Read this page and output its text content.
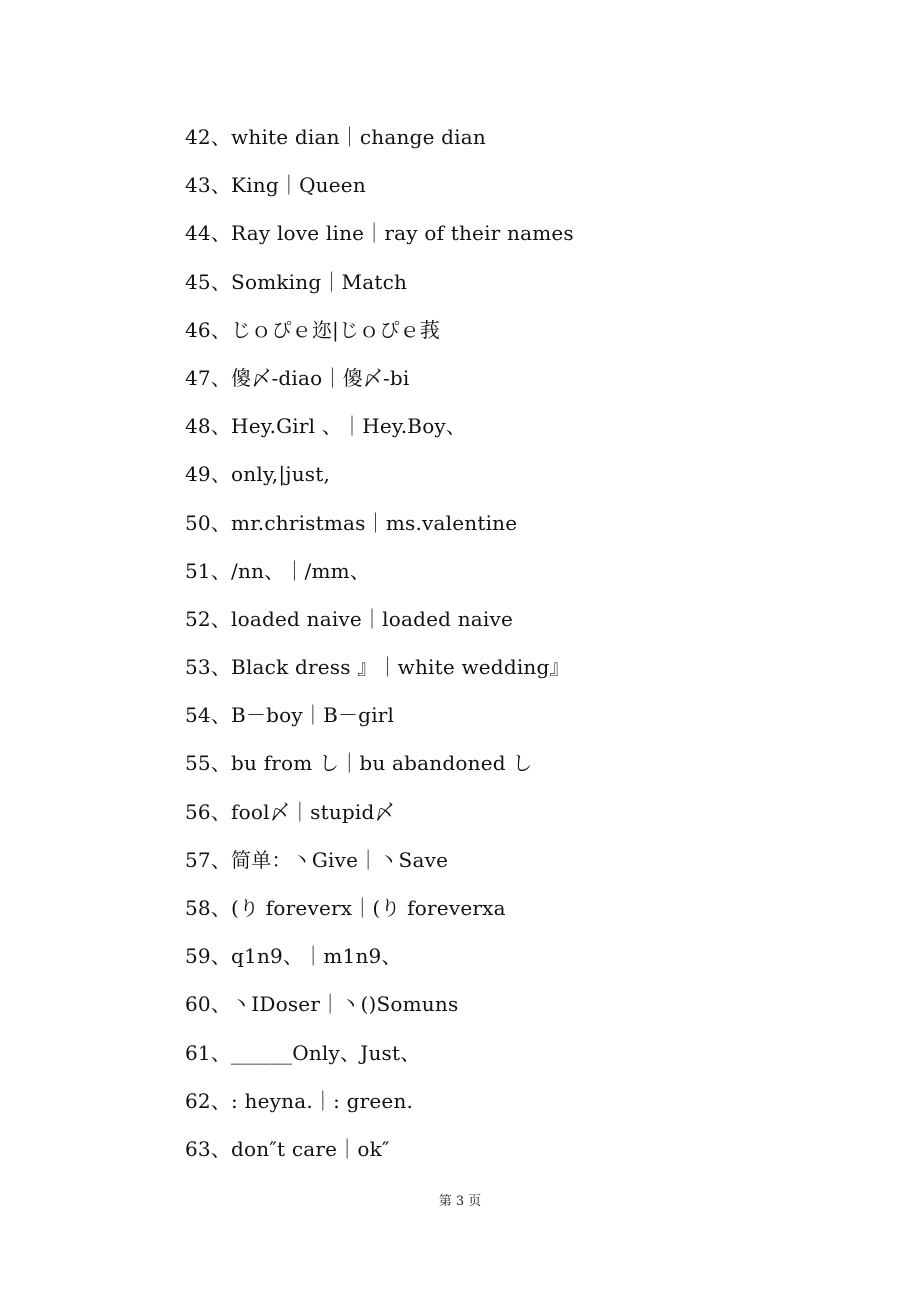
42、white dian｜change dian
43、King｜Queen
44、Ray love line｜ray of their names
45、Somking｜Match
46、じｏぴｅ迩|じｏぴｅ莪
47、傻〆-diao｜傻〆-bi
48、Hey.Girl 、｜Hey.Boy、
49、only,|just,
50、mr.christmas｜ms.valentine
51、/nn、｜/mm、
52、loaded naive｜loaded naive
53、Black dress 』｜white wedding』
54、B－boy｜B－girl
55、bu from し｜bu abandoned し
56、fool〆｜stupid〆
57、简单：丶Give｜丶Save
58、(り foreverx｜(り foreverxa
59、q1n9、｜m1n9、
60、丶IDoser｜丶()Somuns
61、______Only、Just、
62、: heyna.｜: green.
63、don″t care｜ok″
第 3 页
